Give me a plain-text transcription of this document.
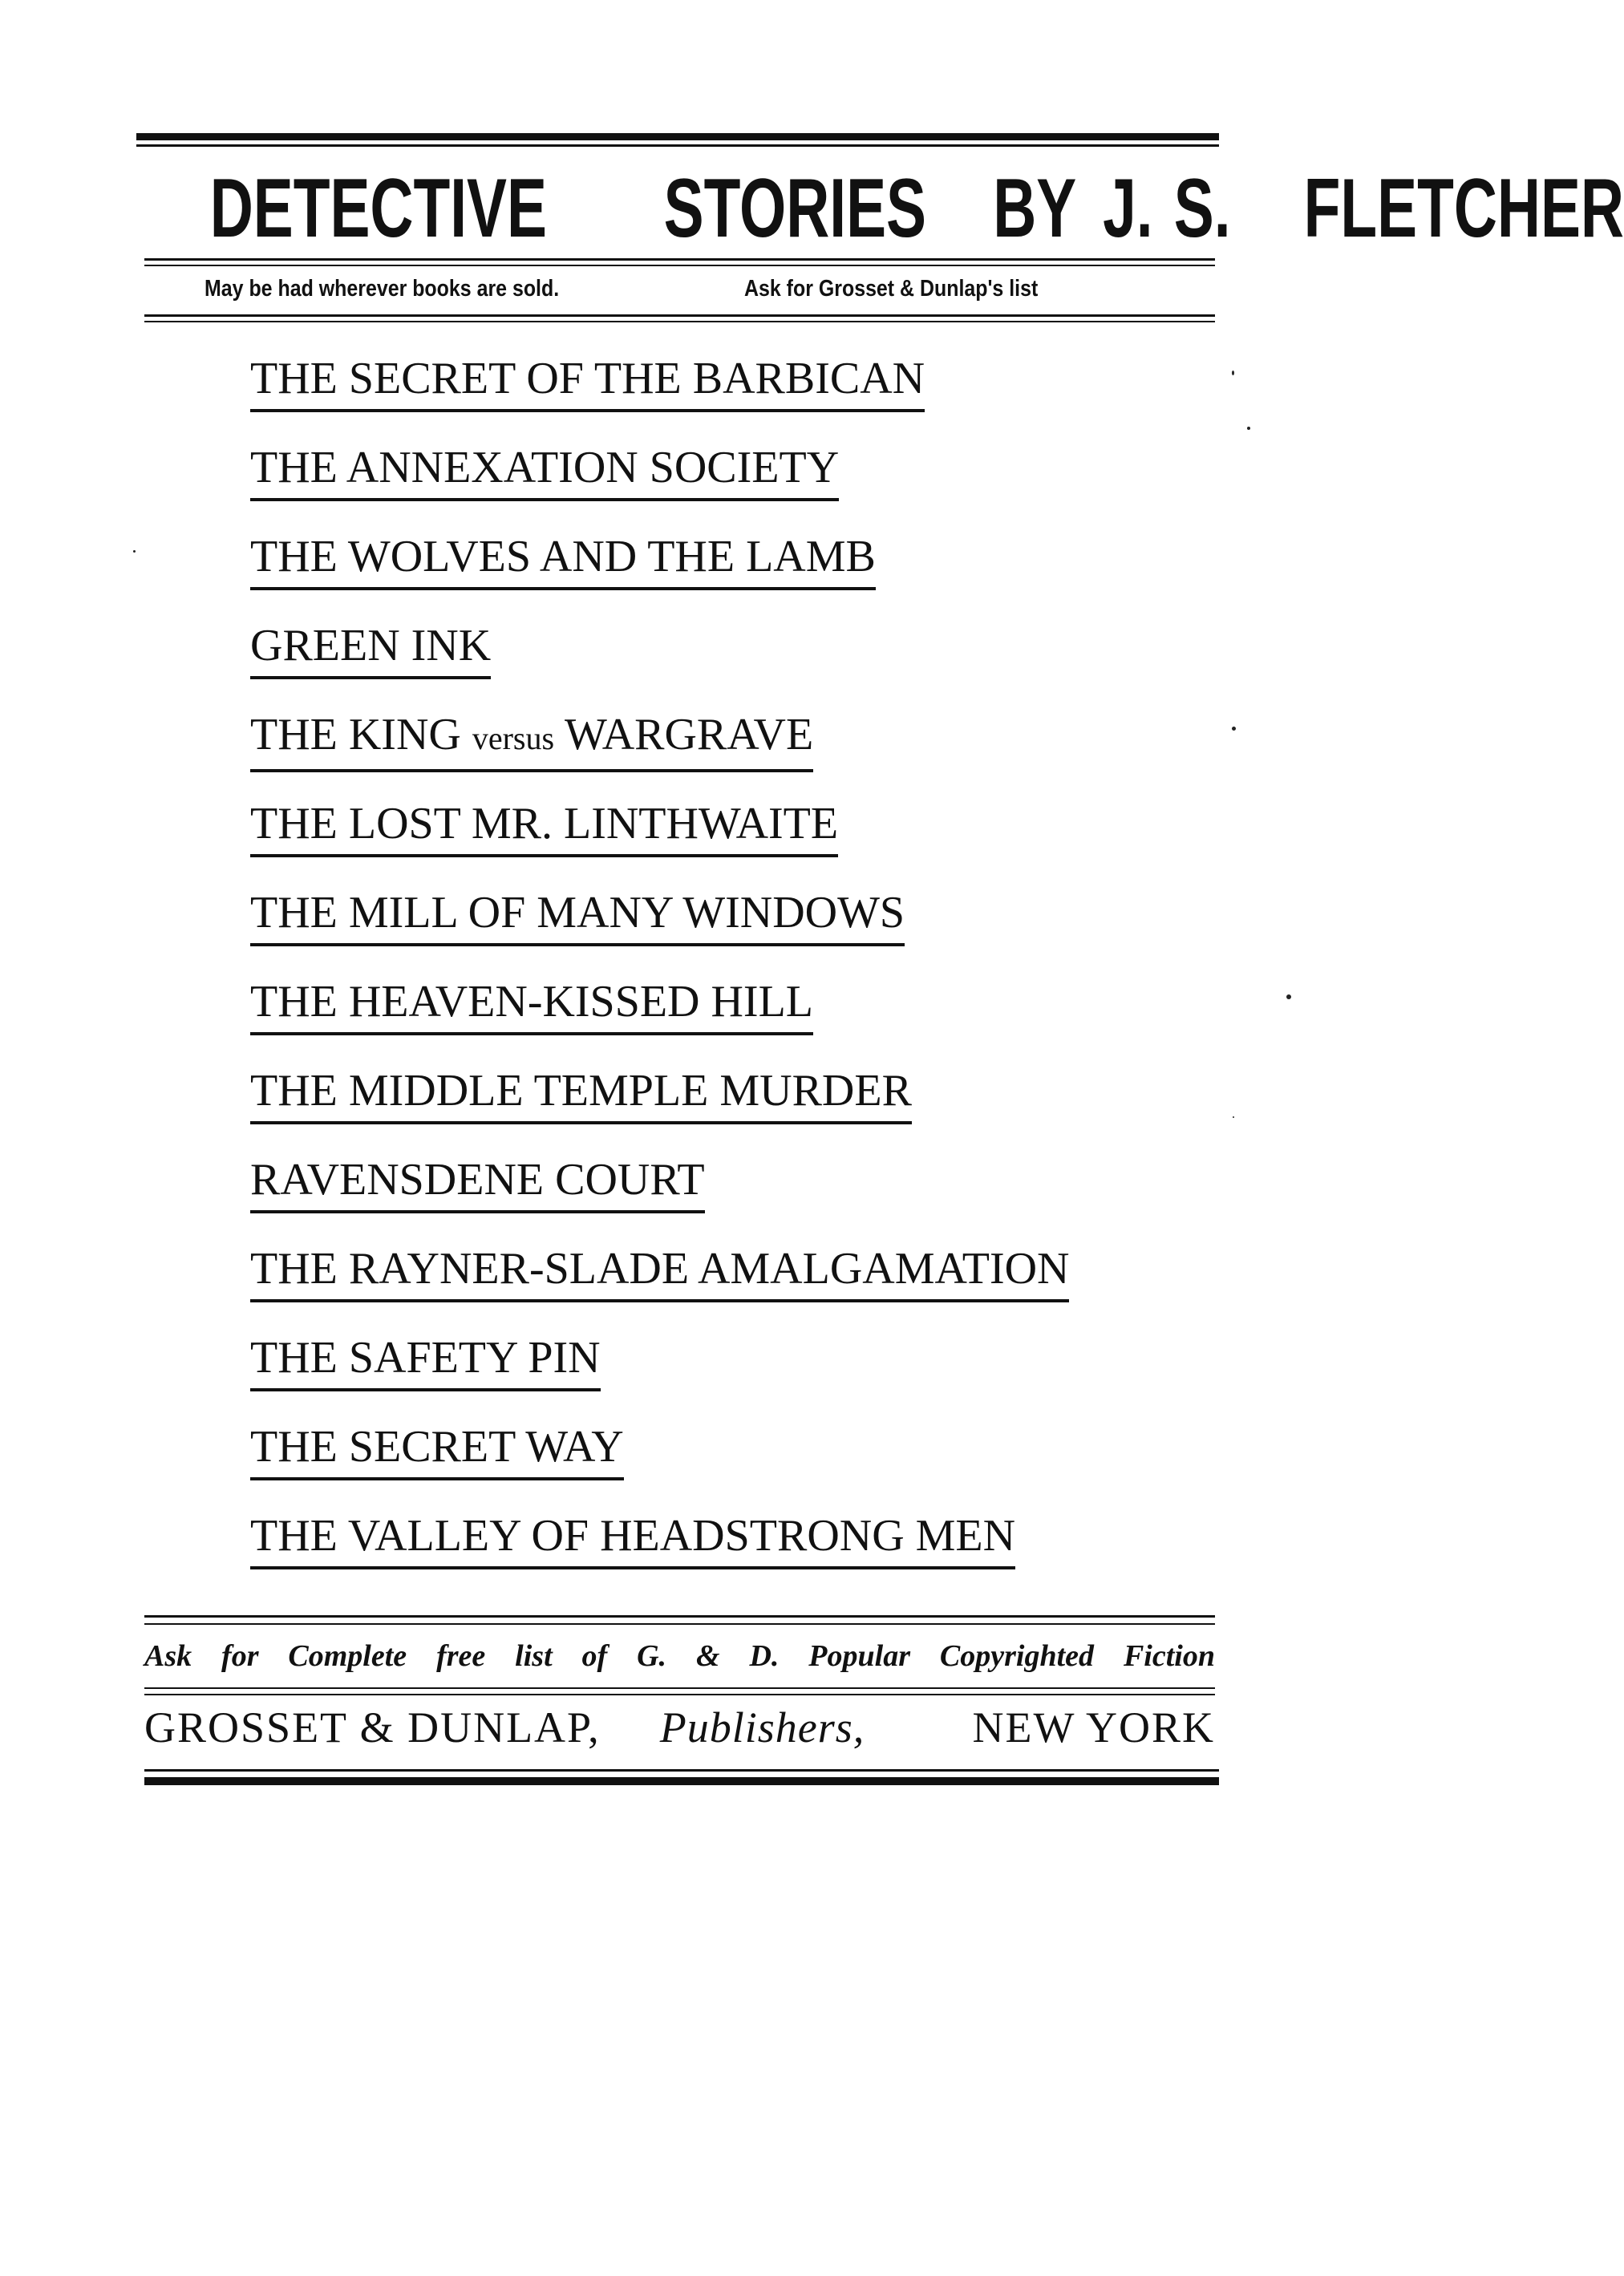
DETECTIVE STORIES BY J. S. FLETCHER
May be had wherever books are sold.	Ask for Grosset & Dunlap's list
THE SECRET OF THE BARBICAN
THE ANNEXATION SOCIETY
THE WOLVES AND THE LAMB
GREEN INK
THE KING versus WARGRAVE
THE LOST MR. LINTHWAITE
THE MILL OF MANY WINDOWS
THE HEAVEN-KISSED HILL
THE MIDDLE TEMPLE MURDER
RAVENSDENE COURT
THE RAYNER-SLADE AMALGAMATION
THE SAFETY PIN
THE SECRET WAY
THE VALLEY OF HEADSTRONG MEN
Ask for Complete free list of G. & D. Popular Copyrighted Fiction
GROSSET & DUNLAP, Publishers, NEW YORK
